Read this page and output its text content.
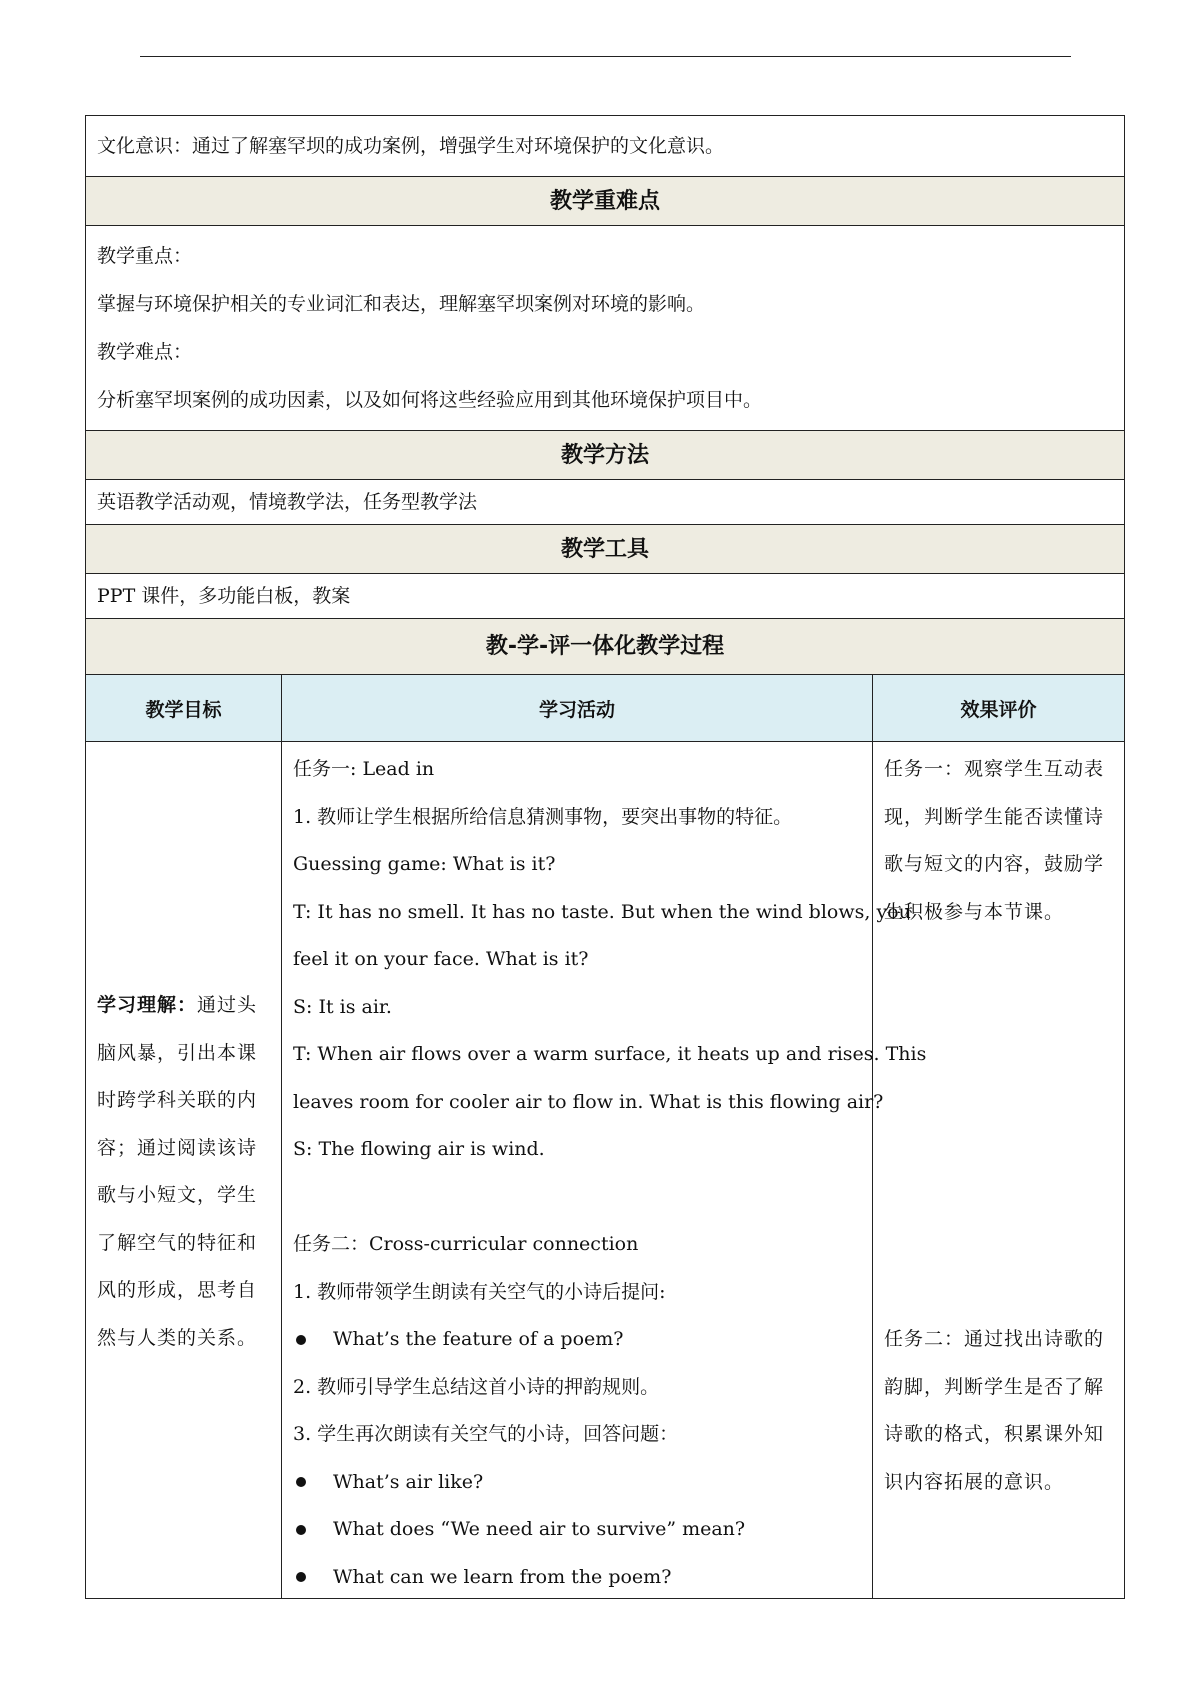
文化意识：通过了解塞罕坝的成功案例，增强学生对环境保护的文化意识。
教学重难点
教学重点：
掌握与环境保护相关的专业词汇和表达，理解塞罕坝案例对环境的影响。
教学难点：
分析塞罕坝案例的成功因素，以及如何将这些经验应用到其他环境保护项目中。
教学方法
英语教学活动观，情境教学法，任务型教学法
教学工具
PPT 课件，多功能白板，教案
教-学-评一体化教学过程
教学目标	学习活动	效果评价
学习理解：通过头
脑风暴，引出本课
时跨学科关联的内
容；通过阅读该诗
歌与小短文，学生
了解空气的特征和
风的形成，思考自
然与人类的关系。
任务一: Lead in
1. 教师让学生根据所给信息猜测事物，要突出事物的特征。
Guessing game: What is it?
T: It has no smell. It has no taste. But when the wind blows, you
feel it on your face. What is it?
S: It is air.
T: When air flows over a warm surface, it heats up and rises. This
leaves room for cooler air to flow in. What is this flowing air?
S: The flowing air is wind.
任务二：Cross-curricular connection
1. 教师带领学生朗读有关空气的小诗后提问:
What’s the feature of a poem?
2. 教师引导学生总结这首小诗的押韵规则。
3. 学生再次朗读有关空气的小诗，回答问题：
What’s air like?
What does “We need air to survive” mean?
What can we learn from the poem?
任务一：观察学生互动表
现，判断学生能否读懂诗
歌与短文的内容，鼓励学
生积极参与本节课。
任务二：通过找出诗歌的
韵脚，判断学生是否了解
诗歌的格式，积累课外知
识内容拓展的意识。
